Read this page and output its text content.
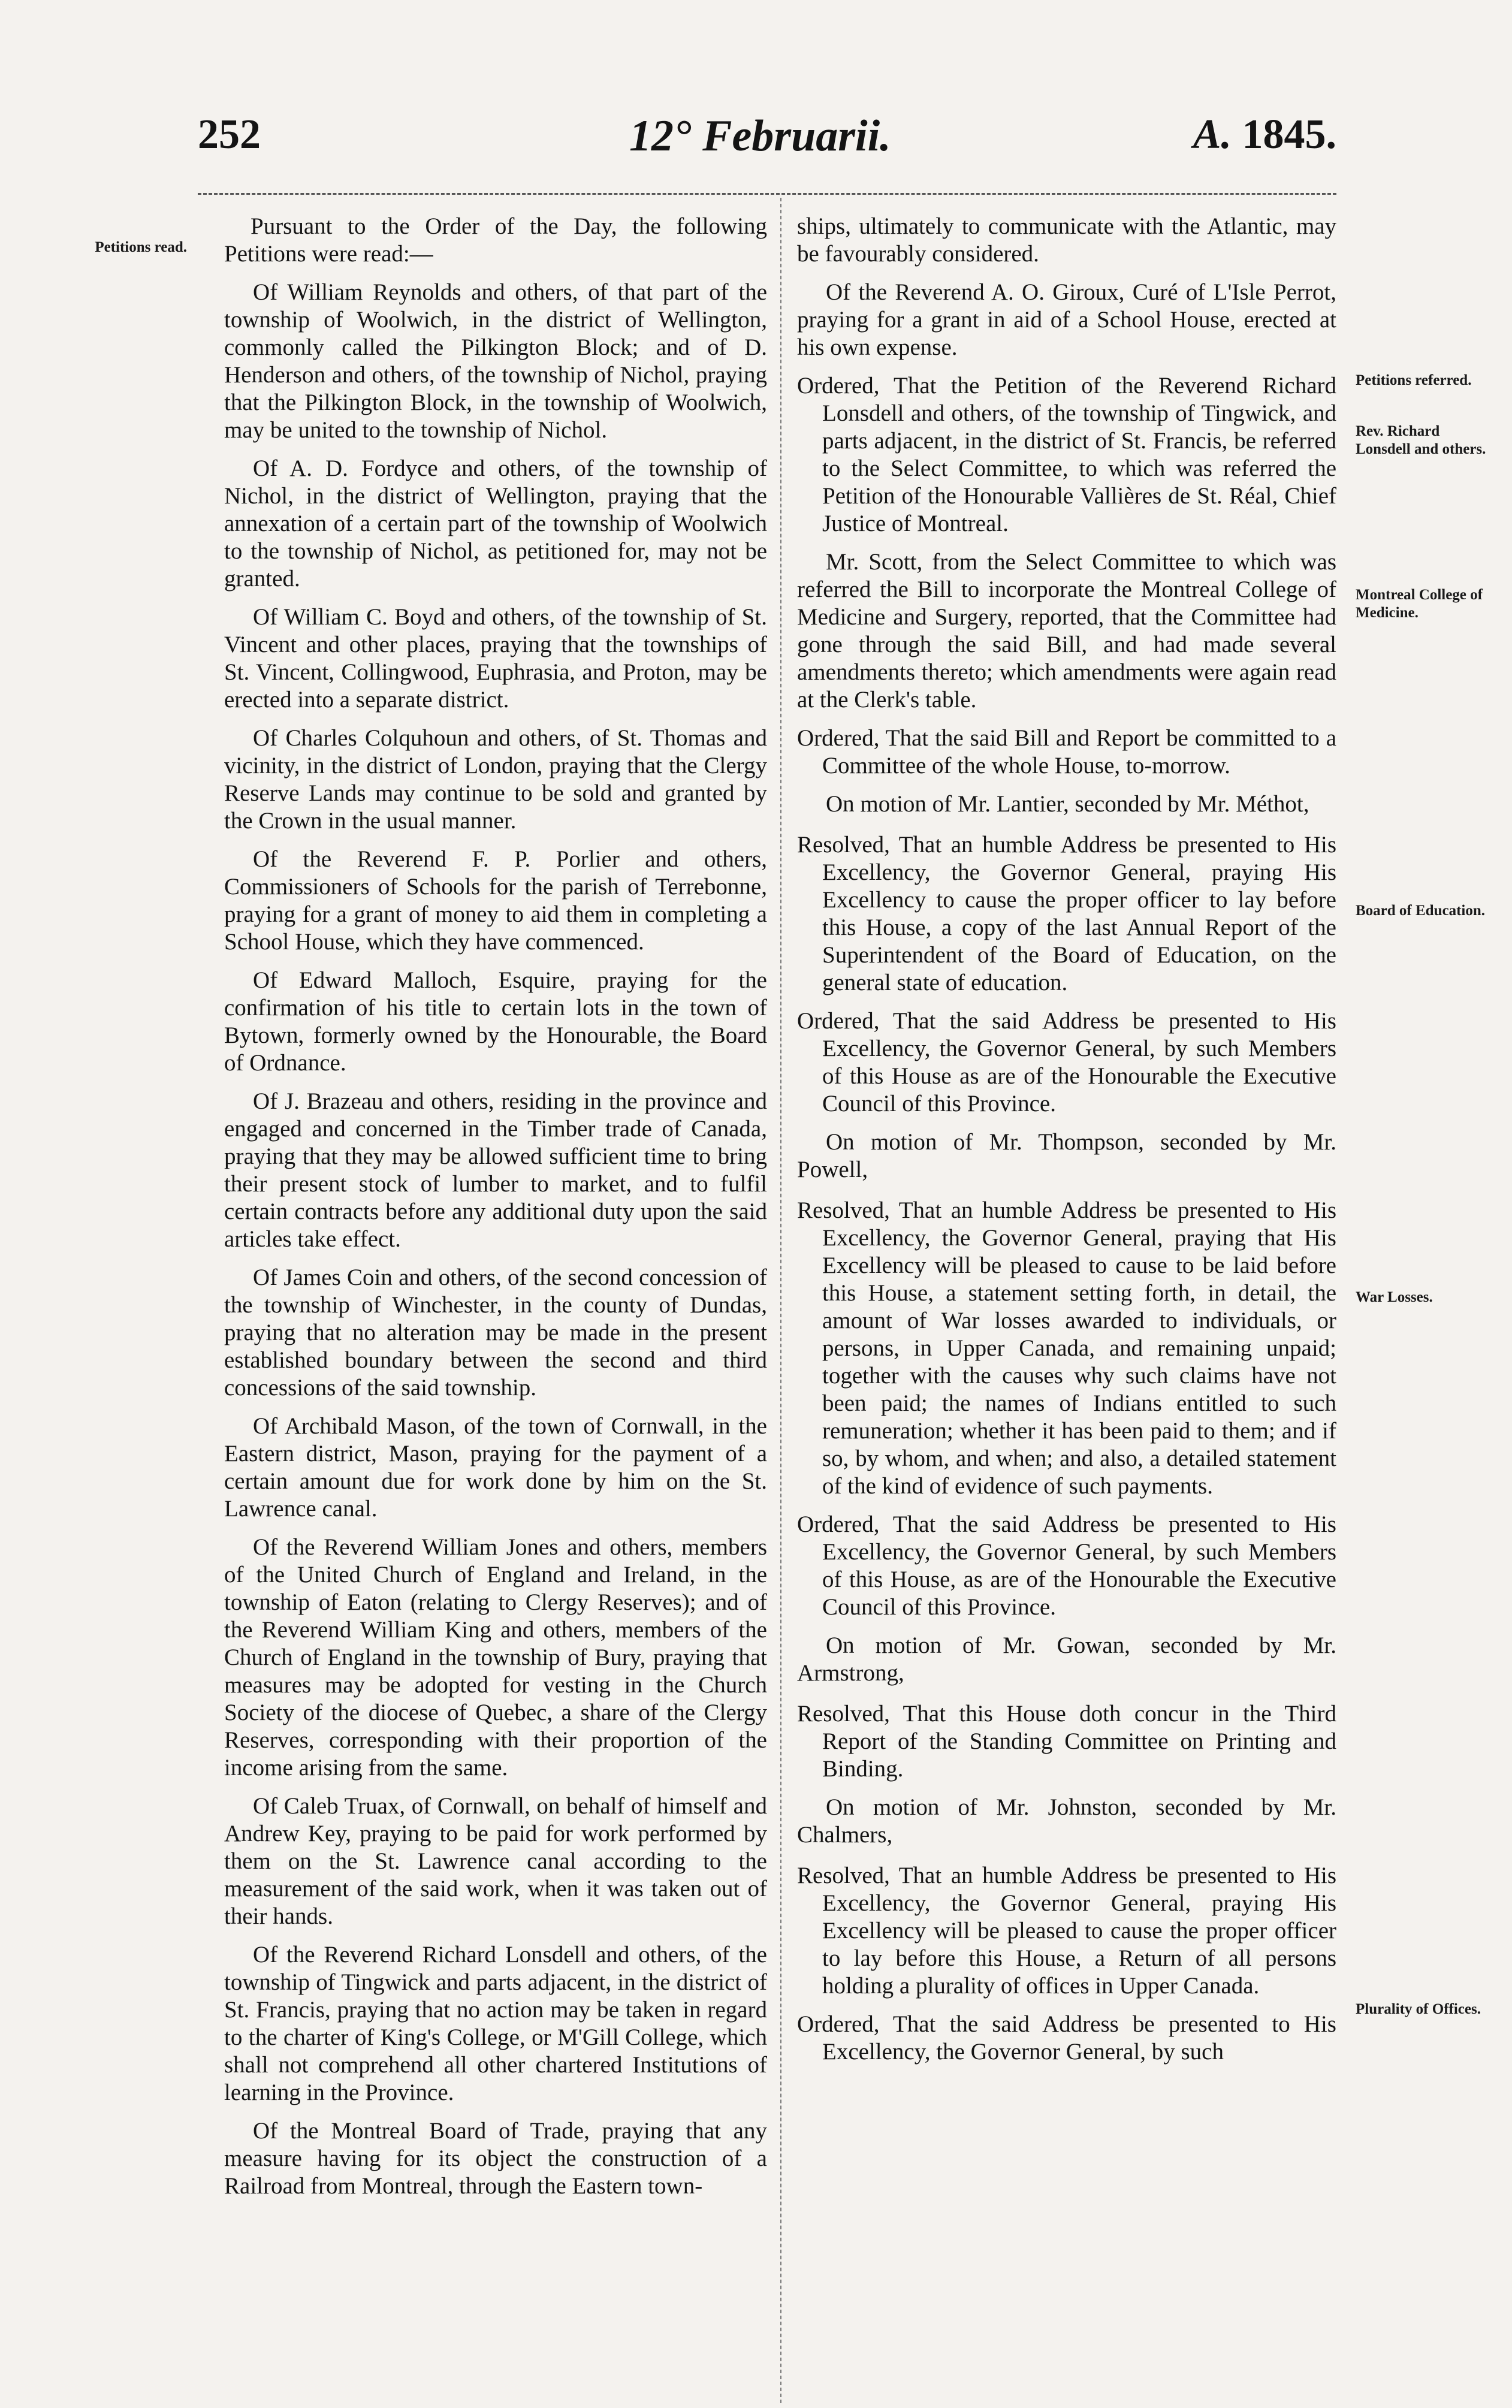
252	12° Februarii.	A. 1845.
Petitions read.
Petitions referred.
Rev. Richard Lonsdell and others.
Montreal College of Medicine.
Board of Education.
War Losses.
Plurality of Offices.

Pursuant to the Order of the Day, the following Petitions were read:—

Of William Reynolds and others, of that part of the township of Woolwich, in the district of Wellington, commonly called the Pilkington Block; and of D. Henderson and others, of the township of Nichol, praying that the Pilkington Block, in the township of Woolwich, may be united to the township of Nichol.

Of A. D. Fordyce and others, of the township of Nichol, in the district of Wellington, praying that the annexation of a certain part of the township of Woolwich to the township of Nichol, as petitioned for, may not be granted.

Of William C. Boyd and others, of the township of St. Vincent and other places, praying that the townships of St. Vincent, Collingwood, Euphrasia, and Proton, may be erected into a separate district.

Of Charles Colquhoun and others, of St. Thomas and vicinity, in the district of London, praying that the Clergy Reserve Lands may continue to be sold and granted by the Crown in the usual manner.

Of the Reverend F. P. Porlier and others, Commissioners of Schools for the parish of Terrebonne, praying for a grant of money to aid them in completing a School House, which they have commenced.

Of Edward Malloch, Esquire, praying for the confirmation of his title to certain lots in the town of Bytown, formerly owned by the Honourable, the Board of Ordnance.

Of J. Brazeau and others, residing in the province and engaged and concerned in the Timber trade of Canada, praying that they may be allowed sufficient time to bring their present stock of lumber to market, and to fulfil certain contracts before any additional duty upon the said articles take effect.

Of James Coin and others, of the second concession of the township of Winchester, in the county of Dundas, praying that no alteration may be made in the present established boundary between the second and third concessions of the said township.

Of Archibald Mason, of the town of Cornwall, in the Eastern district, Mason, praying for the payment of a certain amount due for work done by him on the St. Lawrence canal.

Of the Reverend William Jones and others, members of the United Church of England and Ireland, in the township of Eaton (relating to Clergy Reserves); and of the Reverend William King and others, members of the Church of England in the township of Bury, praying that measures may be adopted for vesting in the Church Society of the diocese of Quebec, a share of the Clergy Reserves, corresponding with their proportion of the income arising from the same.

Of Caleb Truax, of Cornwall, on behalf of himself and Andrew Key, praying to be paid for work performed by them on the St. Lawrence canal according to the measurement of the said work, when it was taken out of their hands.

Of the Reverend Richard Lonsdell and others, of the township of Tingwick and parts adjacent, in the district of St. Francis, praying that no action may be taken in regard to the charter of King's College, or M'Gill College, which shall not comprehend all other chartered Institutions of learning in the Province.

Of the Montreal Board of Trade, praying that any measure having for its object the construction of a Railroad from Montreal, through the Eastern town-

ships, ultimately to communicate with the Atlantic, may be favourably considered.

Of the Reverend A. O. Giroux, Curé of L'Isle Perrot, praying for a grant in aid of a School House, erected at his own expense.

Ordered, That the Petition of the Reverend Richard Lonsdell and others, of the township of Tingwick, and parts adjacent, in the district of St. Francis, be referred to the Select Committee, to which was referred the Petition of the Honourable Vallières de St. Réal, Chief Justice of Montreal.

Mr. Scott, from the Select Committee to which was referred the Bill to incorporate the Montreal College of Medicine and Surgery, reported, that the Committee had gone through the said Bill, and had made several amendments thereto; which amendments were again read at the Clerk's table.

Ordered, That the said Bill and Report be committed to a Committee of the whole House, to-morrow.

On motion of Mr. Lantier, seconded by Mr. Méthot,

Resolved, That an humble Address be presented to His Excellency, the Governor General, praying His Excellency to cause the proper officer to lay before this House, a copy of the last Annual Report of the Superintendent of the Board of Education, on the general state of education.

Ordered, That the said Address be presented to His Excellency, the Governor General, by such Members of this House as are of the Honourable the Executive Council of this Province.

On motion of Mr. Thompson, seconded by Mr. Powell,

Resolved, That an humble Address be presented to His Excellency, the Governor General, praying that His Excellency will be pleased to cause to be laid before this House, a statement setting forth, in detail, the amount of War losses awarded to individuals, or persons, in Upper Canada, and remaining unpaid; together with the causes why such claims have not been paid; the names of Indians entitled to such remuneration; whether it has been paid to them; and if so, by whom, and when; and also, a detailed statement of the kind of evidence of such payments.

Ordered, That the said Address be presented to His Excellency, the Governor General, by such Members of this House, as are of the Honourable the Executive Council of this Province.

On motion of Mr. Gowan, seconded by Mr. Armstrong,

Resolved, That this House doth concur in the Third Report of the Standing Committee on Printing and Binding.

On motion of Mr. Johnston, seconded by Mr. Chalmers,

Resolved, That an humble Address be presented to His Excellency, the Governor General, praying His Excellency will be pleased to cause the proper officer to lay before this House, a Return of all persons holding a plurality of offices in Upper Canada.

Ordered, That the said Address be presented to His Excellency, the Governor General, by such
